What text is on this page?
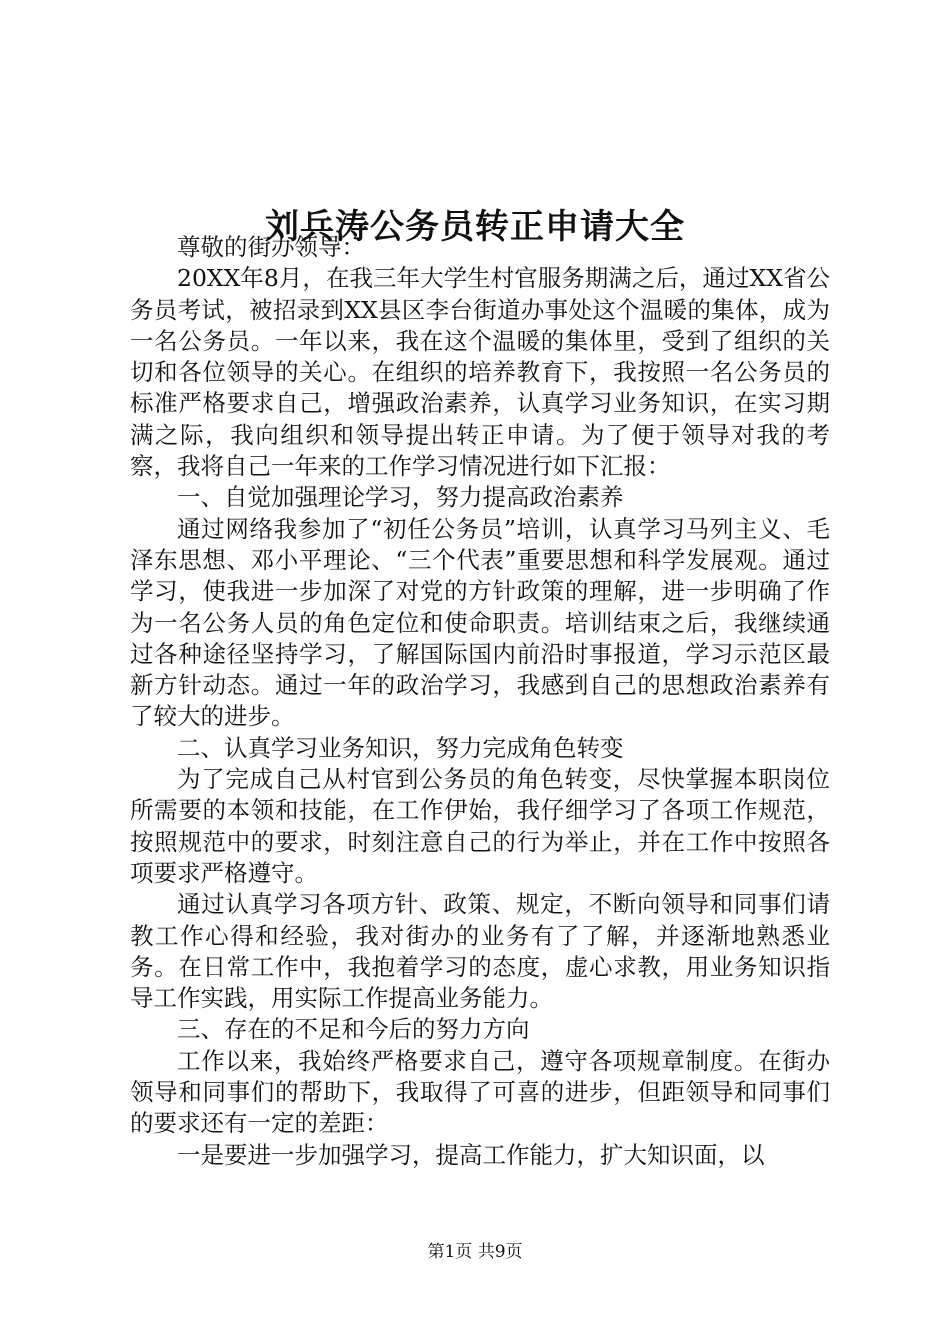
刘兵涛公务员转正申请大全

尊敬的街办领导：

20XX年8月，在我三年大学生村官服务期满之后，通过XX省公务员考试，被招录到XX县区李台街道办事处这个温暖的集体，成为一名公务员。一年以来，我在这个温暖的集体里，受到了组织的关切和各位领导的关心。在组织的培养教育下，我按照一名公务员的标准严格要求自己，增强政治素养，认真学习业务知识，在实习期满之际，我向组织和领导提出转正申请。为了便于领导对我的考察，我将自己一年来的工作学习情况进行如下汇报：

一、自觉加强理论学习，努力提高政治素养

通过网络我参加了“初任公务员”培训，认真学习马列主义、毛泽东思想、邓小平理论、“三个代表”重要思想和科学发展观。通过学习，使我进一步加深了对党的方针政策的理解，进一步明确了作为一名公务人员的角色定位和使命职责。培训结束之后，我继续通过各种途径坚持学习，了解国际国内前沿时事报道，学习示范区最新方针动态。通过一年的政治学习，我感到自己的思想政治素养有了较大的进步。

二、认真学习业务知识，努力完成角色转变

为了完成自己从村官到公务员的角色转变，尽快掌握本职岗位所需要的本领和技能，在工作伊始，我仔细学习了各项工作规范，按照规范中的要求，时刻注意自己的行为举止，并在工作中按照各项要求严格遵守。

通过认真学习各项方针、政策、规定，不断向领导和同事们请教工作心得和经验，我对街办的业务有了了解，并逐渐地熟悉业务。在日常工作中，我抱着学习的态度，虚心求教，用业务知识指导工作实践，用实际工作提高业务能力。

三、存在的不足和今后的努力方向

工作以来，我始终严格要求自己，遵守各项规章制度。在街办领导和同事们的帮助下，我取得了可喜的进步，但距领导和同事们的要求还有一定的差距：

一是要进一步加强学习，提高工作能力，扩大知识面，以

第1页 共9页
